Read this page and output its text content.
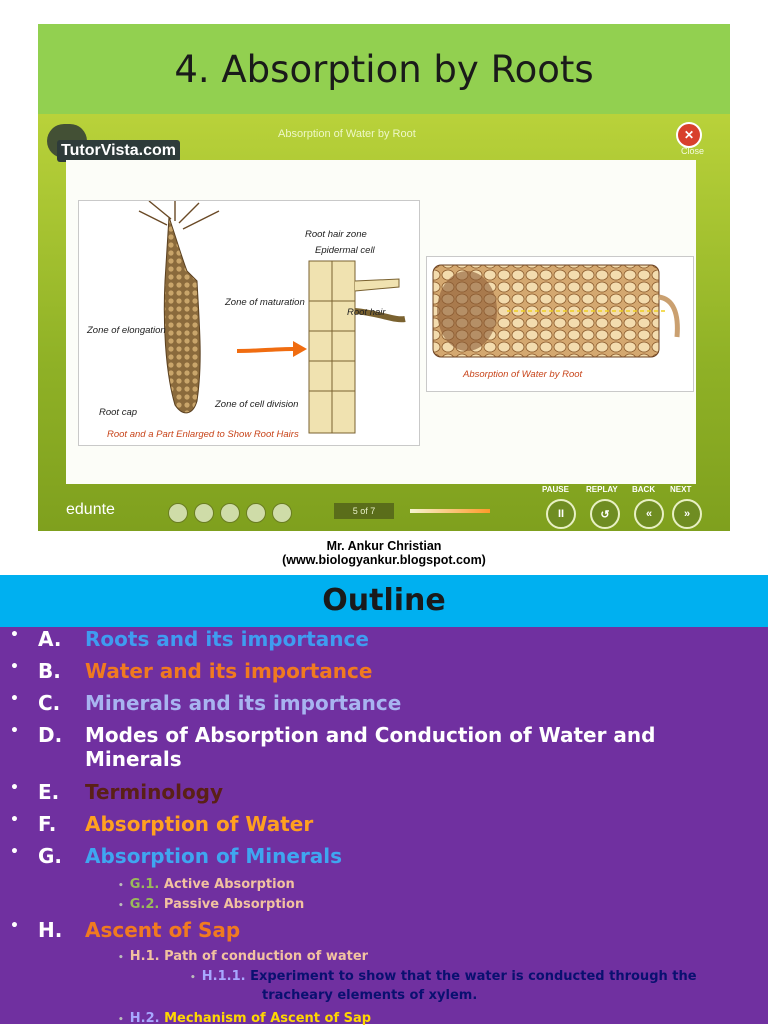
4. Absorption by Roots
TutorVista.com
Absorption of Water by Root	✕
Close
Root hair zone
Epidermal cell
Zone of maturation
Root hair
Zone of elongation
Root cap
Zone of cell division
Root and a Part Enlarged to Show Root Hairs
Absorption of Water by Root
edunte	5 of 7
PAUSE REPLAY BACK NEXT
II	↺	«	»
Mr. Ankur Christian
(www.biologyankur.blogspot.com)
Outline
• A. Roots and its importance
• B. Water and its importance
• C. Minerals and its importance
• D. Modes of Absorption and Conduction of Water and
Minerals
• E. Terminology
• F. Absorption of Water
• G. Absorption of Minerals
• H. Ascent of Sap
• G.1. Active Absorption
• G.2. Passive Absorption
• H.1. Path of conduction of water
• H.1.1. Experiment to show that the water is conducted through the
tracheary elements of xylem.
• H.2. Mechanism of Ascent of Sap
